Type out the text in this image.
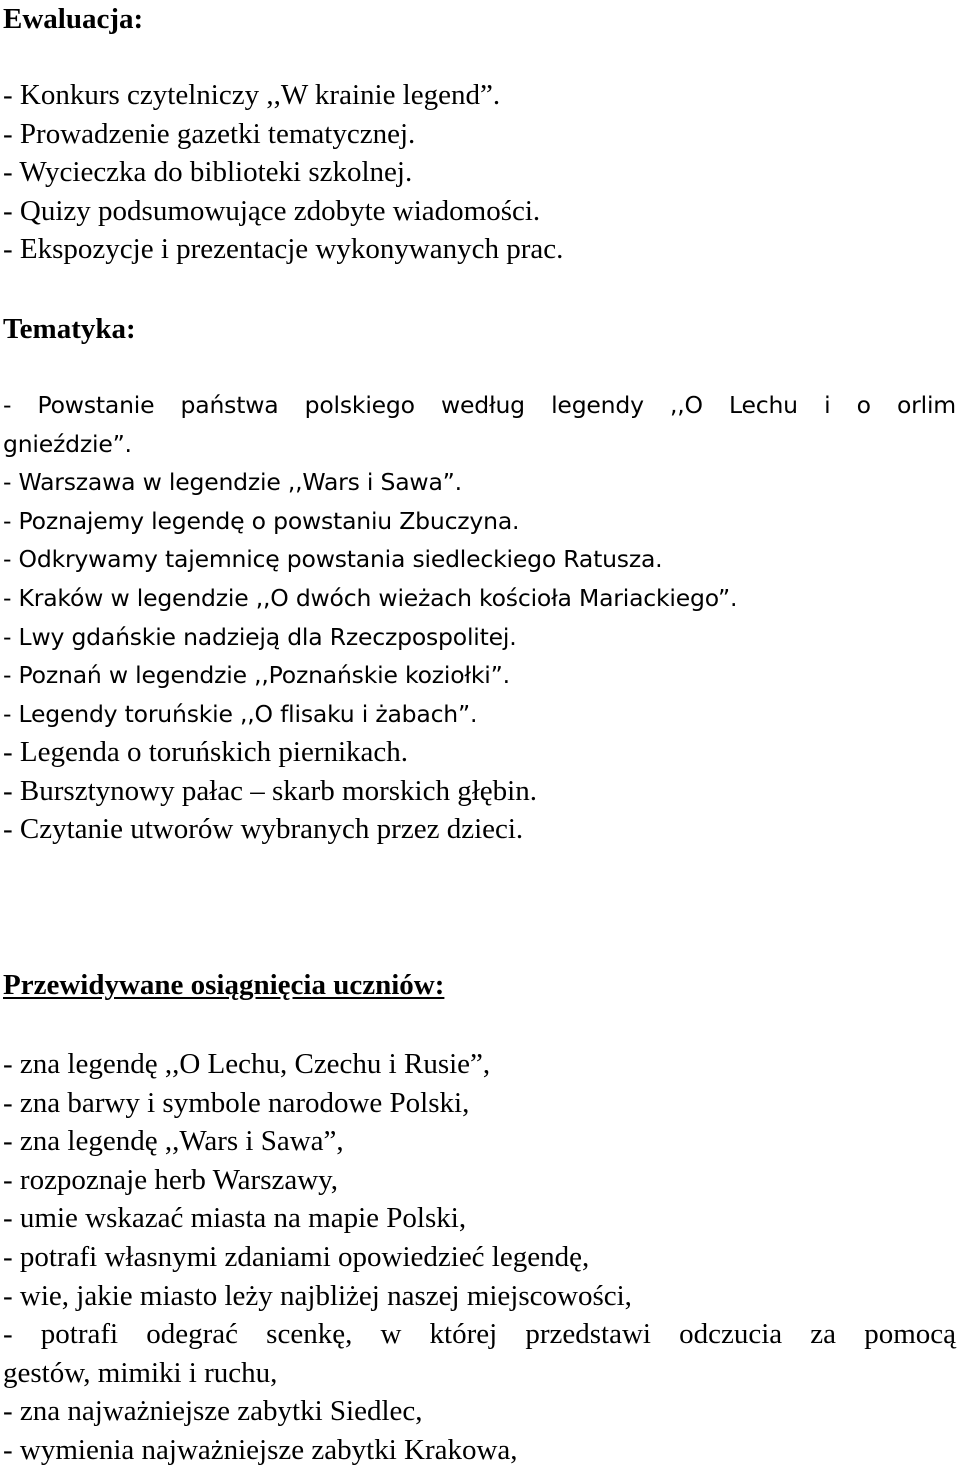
Ewaluacja:
- Konkurs czytelniczy ,,W krainie legend”.
- Prowadzenie gazetki tematycznej.
- Wycieczka do biblioteki szkolnej.
- Quizy podsumowujące zdobyte wiadomości.
- Ekspozycje i prezentacje wykonywanych prac.
Tematyka:
- Powstanie państwa polskiego według legendy ,,O Lechu i o orlim
gnieździe”.
- Warszawa w legendzie ,,Wars i Sawa”.
- Poznajemy legendę o powstaniu Zbuczyna.
- Odkrywamy tajemnicę powstania siedleckiego Ratusza.
- Kraków w legendzie ,,O dwóch wieżach kościoła Mariackiego”.
- Lwy gdańskie nadzieją dla Rzeczpospolitej.
- Poznań w legendzie ,,Poznańskie koziołki”.
- Legendy toruńskie ,,O flisaku i żabach”.
- Legenda o toruńskich piernikach.
- Bursztynowy pałac – skarb morskich głębin.
- Czytanie utworów wybranych przez dzieci.
Przewidywane osiągnięcia uczniów:
- zna legendę ,,O Lechu, Czechu i Rusie”,
- zna barwy i symbole narodowe Polski,
- zna legendę ,,Wars i Sawa”,
- rozpoznaje herb Warszawy,
- umie wskazać miasta na mapie Polski,
- potrafi własnymi zdaniami opowiedzieć legendę,
- wie, jakie miasto leży najbliżej naszej miejscowości,
- potrafi odegrać scenkę, w której przedstawi odczucia za pomocą
gestów, mimiki i ruchu,
- zna najważniejsze zabytki Siedlec,
- wymienia najważniejsze zabytki Krakowa,
